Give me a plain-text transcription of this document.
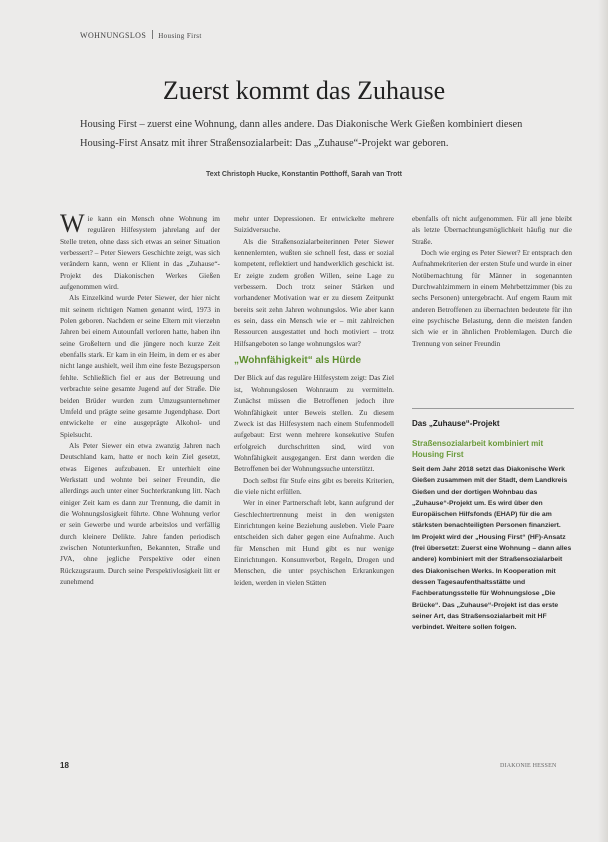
WOHNUNGSLOS Housing First
Zuerst kommt das Zuhause
Housing First – zuerst eine Wohnung, dann alles andere. Das Diakonische Werk Gießen kombiniert diesen Housing-First Ansatz mit ihrer Straßensozialarbeit: Das „Zuhause“-Projekt war geboren.
Text Christoph Hucke, Konstantin Potthoff, Sarah van Trott

Wie kann ein Mensch ohne Wohnung im regulären Hilfesystem jahrelang auf der Stelle treten, ohne dass sich etwas an seiner Situation verbessert? – Peter Siewers Geschichte zeigt, was sich verändern kann, wenn er Klient in das „Zuhause“-Projekt des Diakonischen Werkes Gießen aufgenommen wird.

Als Einzelkind wurde Peter Siewer, der hier nicht mit seinem richtigen Namen genannt wird, 1973 in Polen geboren. Nachdem er seine Eltern mit vierzehn Jahren bei einem Autounfall verloren hatte, haben ihn seine Großeltern und die jüngere noch kurze Zeit ebenfalls stark. Er kam in ein Heim, in dem er es aber nicht lange aushielt, weil ihm eine feste Bezugsperson fehlte. Schließlich fiel er aus der Betreuung und verbrachte seine gesamte Jugend auf der Straße. Die beiden Brüder wurden zum Umzugsunternehmer Umfeld und prägte seine gesamte Jugendphase. Dort entwickelte er eine ausgeprägte Alkohol- und Spielsucht.

Als Peter Siewer ein etwa zwanzig Jahren nach Deutschland kam, hatte er noch kein Ziel gesetzt, etwas Eigenes aufzubauen. Er unterhielt eine Werkstatt und wohnte bei seiner Freundin, die allerdings auch unter einer Suchterkrankung litt. Nach einiger Zeit kam es dann zur Trennung, die damit in die Wohnungslosigkeit führte. Ohne Wohnung verlor er sein Gewerbe und wurde arbeitslos und verfällig durch kleinere Delikte. Jahre fanden periodisch zwischen Notunterkunften, Bekannten, Straße und JVA, ohne jegliche Perspektive oder einen Rückzugsraum. Durch seine Perspektivlosigkeit litt er zunehmend

mehr unter Depressionen. Er entwickelte mehrere Suizidversuche.

Als die Straßensozialarbeiterinnen Peter Siewer kennenlernten, wußten sie schnell fest, dass er sozial kompetent, reflektiert und handwerklich geschickt ist. Er zeigte zudem großen Willen, seine Lage zu verbessern. Doch trotz seiner Stärken und vorhandener Motivation war er zu diesem Zeitpunkt bereits seit zehn Jahren wohnungslos. Wie aber kann es sein, dass ein Mensch wie er – mit zahlreichen Ressourcen ausgestattet und hoch motiviert – trotz Hilfsangeboten so lange wohnungslos war?

„Wohnfähigkeit“ als Hürde

Der Blick auf das reguläre Hilfesystem zeigt: Das Ziel ist, Wohnungslosen Wohnraum zu vermitteln. Zunächst müssen die Betroffenen jedoch ihre Wohnfähigkeit unter Beweis stellen. Zu diesem Zweck ist das Hilfesystem nach einem Stufenmodell aufgebaut: Erst wenn mehrere konsekutive Stufen erfolgreich durchschritten sind, wird von Wohnfähigkeit ausgegangen. Erst dann werden die Betroffenen bei der Wohnungssuche unterstützt.

Doch selbst für Stufe eins gibt es bereits Kriterien, die viele nicht erfüllen.

Wer in einer Partnerschaft lebt, kann aufgrund der Geschlechtertrennung meist in den wenigsten Einrichtungen keine Beziehung ausleben. Viele Paare entscheiden sich daher gegen eine Aufnahme. Auch für Menschen mit Hund gibt es nur wenige Einrichtungen. Konsumverbot, Regeln, Drogen und Menschen, die unter psychischen Erkrankungen leiden, werden in vielen Stätten

ebenfalls oft nicht aufgenommen. Für all jene bleibt als letzte Übernachtungsmöglichkeit häufig nur die Straße.

Doch wie erging es Peter Siewer? Er entsprach den Aufnahmekriterien der ersten Stufe und wurde in einer Notübernachtung für Männer in sogenannten Durchwahlzimmern in einem Mehrbettzimmer (bis zu sechs Personen) untergebracht. Auf engem Raum mit anderen Betroffenen zu übernachten bedeutete für ihn eine psychische Belastung, denn die meisten fanden sich wie er in ähnlichen Problemlagen. Durch die Trennung von seiner Freundin

Das „Zuhause“-Projekt
Straßensozialarbeit kombiniert mit Housing First

Seit dem Jahr 2018 setzt das Diakonische Werk Gießen zusammen mit der Stadt, dem Landkreis Gießen und der dortigen Wohnbau das „Zuhause“-Projekt um. Es wird über den Europäischen Hilfsfonds (EHAP) für die am stärksten benachteiligten Personen finanziert.

Im Projekt wird der „Housing First“ (HF)-Ansatz (frei übersetzt: Zuerst eine Wohnung – dann alles andere) kombiniert mit der Straßensozialarbeit des Diakonischen Werks. In Kooperation mit dessen Tagesaufenthaltsstätte und Fachberatungsstelle für Wohnungslose „Die Brücke“. Das „Zuhause“-Projekt ist das erste seiner Art, das Straßensozialarbeit mit HF verbindet. Weitere sollen folgen.

18	DIAKONIE HESSEN
